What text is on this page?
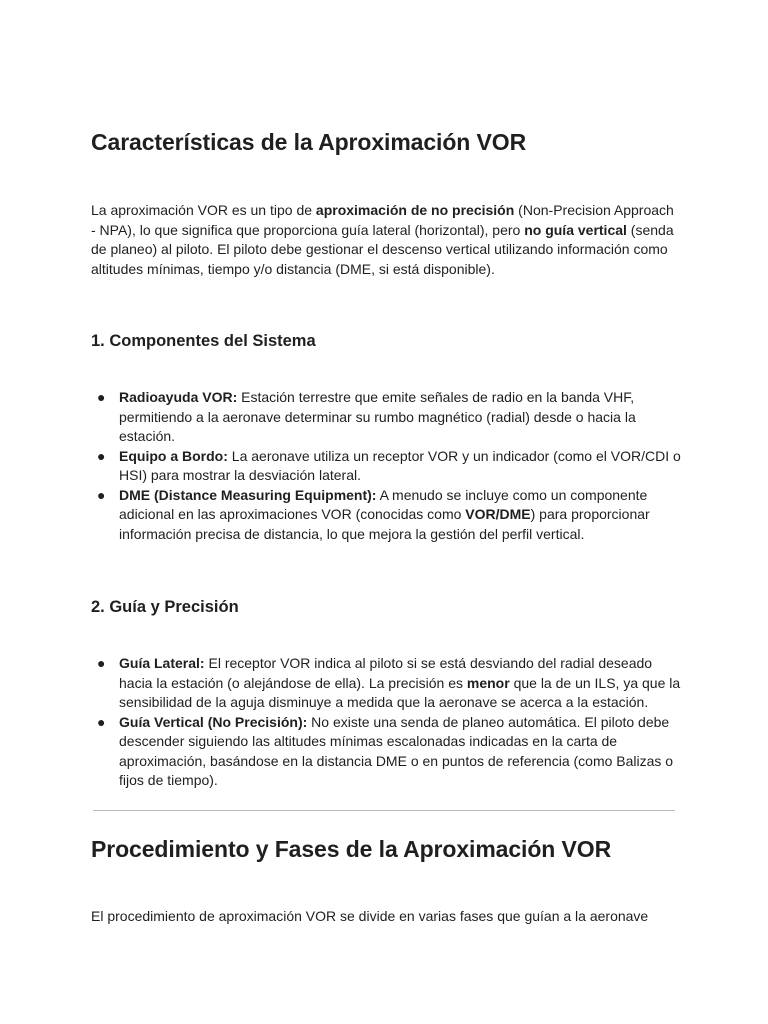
Características de la Aproximación VOR

La aproximación VOR es un tipo de aproximación de no precisión (Non-Precision Approach - NPA), lo que significa que proporciona guía lateral (horizontal), pero no guía vertical (senda de planeo) al piloto. El piloto debe gestionar el descenso vertical utilizando información como altitudes mínimas, tiempo y/o distancia (DME, si está disponible).

1. Componentes del Sistema
● Radioayuda VOR: Estación terrestre que emite señales de radio en la banda VHF, permitiendo a la aeronave determinar su rumbo magnético (radial) desde o hacia la estación.
● Equipo a Bordo: La aeronave utiliza un receptor VOR y un indicador (como el VOR/CDI o HSI) para mostrar la desviación lateral.
● DME (Distance Measuring Equipment): A menudo se incluye como un componente adicional en las aproximaciones VOR (conocidas como VOR/DME) para proporcionar información precisa de distancia, lo que mejora la gestión del perfil vertical.
2. Guía y Precisión
● Guía Lateral: El receptor VOR indica al piloto si se está desviando del radial deseado hacia la estación (o alejándose de ella). La precisión es menor que la de un ILS, ya que la sensibilidad de la aguja disminuye a medida que la aeronave se acerca a la estación.
● Guía Vertical (No Precisión): No existe una senda de planeo automática. El piloto debe descender siguiendo las altitudes mínimas escalonadas indicadas en la carta de aproximación, basándose en la distancia DME o en puntos de referencia (como Balizas o fijos de tiempo).
Procedimiento y Fases de la Aproximación VOR

El procedimiento de aproximación VOR se divide en varias fases que guían a la aeronave
